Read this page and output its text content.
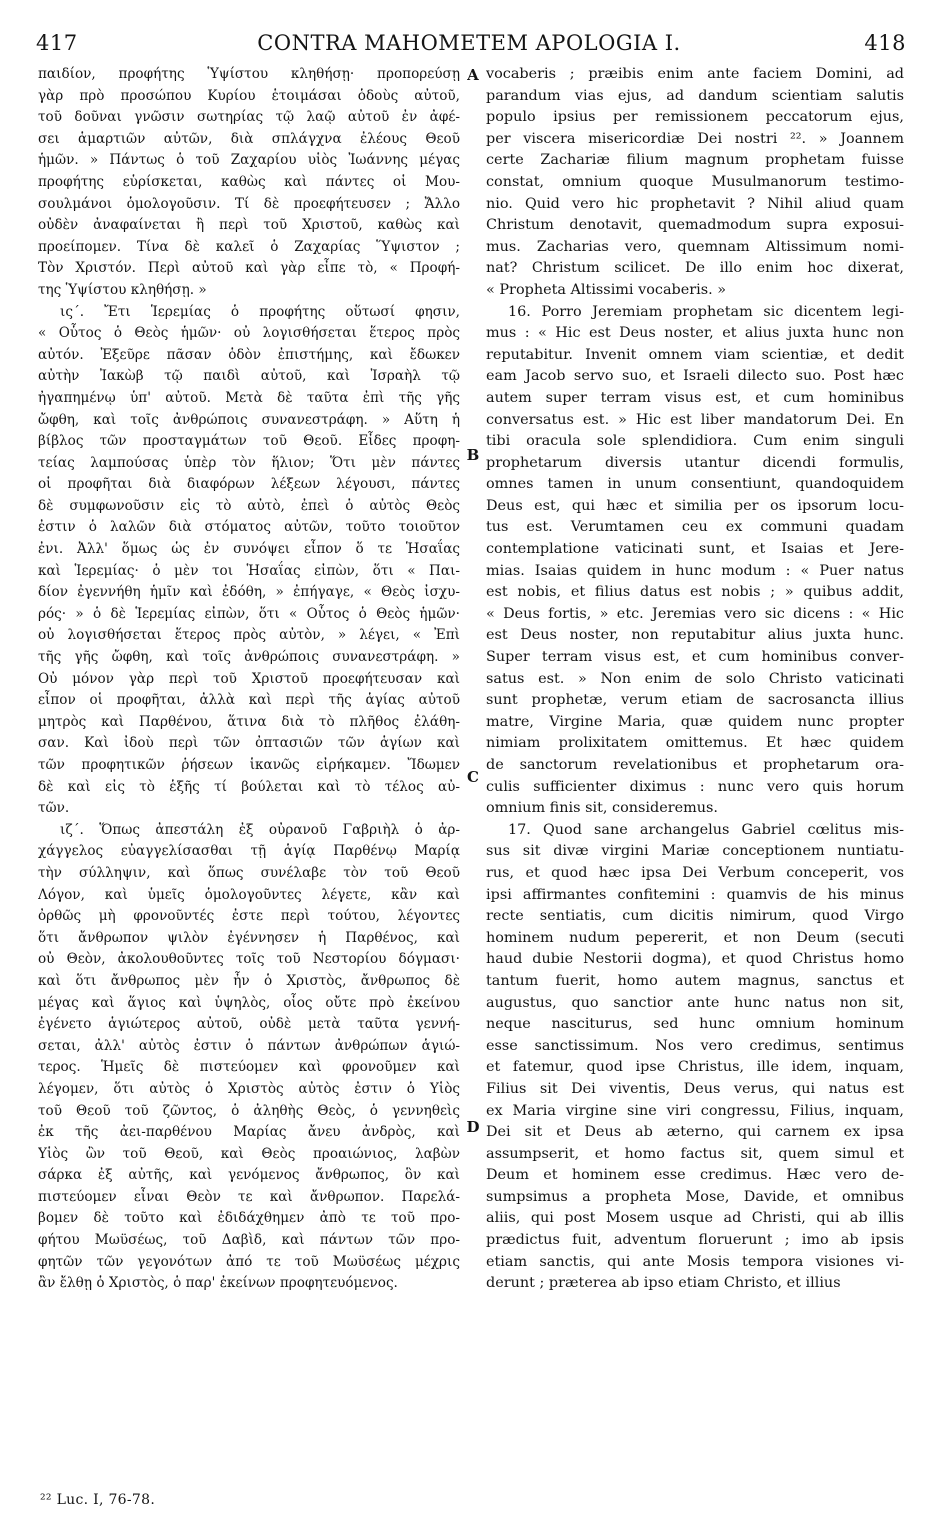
417	CONTRA MAHOMETEM APOLOGIA I.	418
παιδίον, προφήτης Ὑψίστου κληθήσῃ· προπορεύσῃ
γὰρ πρὸ προσώπου Κυρίου ἑτοιμάσαι ὁδοὺς αὐτοῦ,
τοῦ δοῦναι γνῶσιν σωτηρίας τῷ λαῷ αὐτοῦ ἐν ἀφέ-
σει ἁμαρτιῶν αὐτῶν, διὰ σπλάγχνα ἐλέους Θεοῦ
ἡμῶν. » Πάντως ὁ τοῦ Ζαχαρίου υἱὸς Ἰωάννης μέγας
προφήτης εὑρίσκεται, καθὼς καὶ πάντες οἱ Μου-
σουλμάνοι ὁμολογοῦσιν. Τί δὲ προεφήτευσεν ; Ἄλλο
οὐδὲν ἀναφαίνεται ἢ περὶ τοῦ Χριστοῦ, καθὼς καὶ
προείπομεν. Τίνα δὲ καλεῖ ὁ Ζαχαρίας Ὕψιστον ;
Τὸν Χριστόν. Περὶ αὐτοῦ καὶ γὰρ εἶπε τὸ, « Προφή-
της Ὑψίστου κληθήσῃ. »
ις΄. Ἔτι Ἱερεμίας ὁ προφήτης οὕτωσί φησιν,
« Οὗτος ὁ Θεὸς ἡμῶν· οὐ λογισθήσεται ἕτερος πρὸς
αὐτόν. Ἐξεῦρε πᾶσαν ὁδὸν ἐπιστήμης, καὶ ἔδωκεν
αὐτὴν Ἰακὼβ τῷ παιδὶ αὐτοῦ, καὶ Ἰσραὴλ τῷ
ἠγαπημένῳ ὑπ' αὐτοῦ. Μετὰ δὲ ταῦτα ἐπὶ τῆς γῆς
ὤφθη, καὶ τοῖς ἀνθρώποις συνανεστράφη. » Αὕτη ἡ
βίβλος τῶν προσταγμάτων τοῦ Θεοῦ. Εἶδες προφη-
τείας λαμπούσας ὑπὲρ τὸν ἥλιον; Ὅτι μὲν πάντες
οἱ προφῆται διὰ διαφόρων λέξεων λέγουσι, πάντες
δὲ συμφωνοῦσιν εἰς τὸ αὐτὸ, ἐπεὶ ὁ αὐτὸς Θεὸς
ἐστιν ὁ λαλῶν διὰ στόματος αὐτῶν, τοῦτο τοιοῦτον
ἐνι. Ἀλλ' ὅμως ὡς ἐν συνόψει εἶπον ὅ τε Ἡσαΐας
καὶ Ἱερεμίας· ὁ μὲν τοι Ἡσαΐας εἰπὼν, ὅτι « Παι-
δίον ἐγεννήθη ἡμῖν καὶ ἐδόθη, » ἐπήγαγε, « Θεὸς ἰσχυ-
ρός· » ὁ δὲ Ἱερεμίας εἰπὼν, ὅτι « Οὗτος ὁ Θεὸς ἡμῶν·
οὐ λογισθήσεται ἕτερος πρὸς αὐτὸν, » λέγει, « Ἐπὶ
τῆς γῆς ὤφθη, καὶ τοῖς ἀνθρώποις συνανεστράφη. »
Οὐ μόνον γὰρ περὶ τοῦ Χριστοῦ προεφήτευσαν καὶ
εἶπον οἱ προφῆται, ἀλλὰ καὶ περὶ τῆς ἁγίας αὐτοῦ
μητρὸς καὶ Παρθένου, ἅτινα διὰ τὸ πλῆθος ἐλάθη-
σαν. Καὶ ἰδοὺ περὶ τῶν ὀπτασιῶν τῶν ἁγίων καὶ
τῶν προφητικῶν ῥήσεων ἱκανῶς εἰρήκαμεν. Ἴδωμεν
δὲ καὶ εἰς τὸ ἑξῆς τί βούλεται καὶ τὸ τέλος αὐ-
τῶν.
ιζ΄. Ὅπως ἀπεστάλη ἐξ οὐρανοῦ Γαβριὴλ ὁ ἀρ-
χάγγελος εὐαγγελίσασθαι τῇ ἁγίᾳ Παρθένῳ Μαρίᾳ
τὴν σύλληψιν, καὶ ὅπως συνέλαβε τὸν τοῦ Θεοῦ
Λόγον, καὶ ὑμεῖς ὁμολογοῦντες λέγετε, κἂν καὶ
ὀρθῶς μὴ φρονοῦντές ἐστε περὶ τούτου, λέγοντες
ὅτι ἄνθρωπον ψιλὸν ἐγέννησεν ἡ Παρθένος, καὶ
οὐ Θεὸν, ἀκολουθοῦντες τοῖς τοῦ Νεστορίου δόγμασι·
καὶ ὅτι ἄνθρωπος μὲν ἦν ὁ Χριστὸς, ἄνθρωπος δὲ
μέγας καὶ ἅγιος καὶ ὑψηλὸς, οἷος οὔτε πρὸ ἐκείνου
ἐγένετο ἁγιώτερος αὐτοῦ, οὐδὲ μετὰ ταῦτα γεννή-
σεται, ἀλλ' αὐτὸς ἐστιν ὁ πάντων ἀνθρώπων ἁγιώ-
τερος. Ἡμεῖς δὲ πιστεύομεν καὶ φρονοῦμεν καὶ
λέγομεν, ὅτι αὐτὸς ὁ Χριστὸς αὐτὸς ἐστιν ὁ Υἱὸς
τοῦ Θεοῦ τοῦ ζῶντος, ὁ ἀληθὴς Θεὸς, ὁ γεννηθεὶς
ἐκ τῆς ἀει-παρθένου Μαρίας ἄνευ ἀνδρὸς, καὶ
Υἱὸς ὢν τοῦ Θεοῦ, καὶ Θεὸς προαιώνιος, λαβὼν
σάρκα ἐξ αὐτῆς, καὶ γενόμενος ἄνθρωπος, ὃν καὶ
πιστεύομεν εἶναι Θεὸν τε καὶ ἄνθρωπον. Παρελά-
βομεν δὲ τοῦτο καὶ ἐδιδάχθημεν ἀπὸ τε τοῦ προ-
φήτου Μωϋσέως, τοῦ Δαβὶδ, καὶ πάντων τῶν προ-
φητῶν τῶν γεγονότων ἀπό τε τοῦ Μωϋσέως μέχρις
ἂν ἔλθῃ ὁ Χριστὸς, ὁ παρ' ἐκείνων προφητευόμενος.
A
B
C
D
vocaberis ; præibis enim ante faciem Domini, ad
parandum vias ejus, ad dandum scientiam salutis
populo ipsius per remissionem peccatorum ejus,
per viscera misericordiæ Dei nostri ²². » Joannem
certe Zachariæ filium magnum prophetam fuisse
constat, omnium quoque Musulmanorum testimo-
nio. Quid vero hic prophetavit ? Nihil aliud quam
Christum denotavit, quemadmodum supra exposui-
mus. Zacharias vero, quemnam Altissimum nomi-
nat? Christum scilicet. De illo enim hoc dixerat,
« Propheta Altissimi vocaberis. »
16. Porro Jeremiam prophetam sic dicentem legi-
mus : « Hic est Deus noster, et alius juxta hunc non
reputabitur. Invenit omnem viam scientiæ, et dedit
eam Jacob servo suo, et Israeli dilecto suo. Post hæc
autem super terram visus est, et cum hominibus
conversatus est. » Hic est liber mandatorum Dei. En
tibi oracula sole splendidiora. Cum enim singuli
prophetarum diversis utantur dicendi formulis,
omnes tamen in unum consentiunt, quandoquidem
Deus est, qui hæc et similia per os ipsorum locu-
tus est. Verumtamen ceu ex communi quadam
contemplatione vaticinati sunt, et Isaias et Jere-
mias. Isaias quidem in hunc modum : « Puer natus
est nobis, et filius datus est nobis ; » quibus addit,
« Deus fortis, » etc. Jeremias vero sic dicens : « Hic
est Deus noster, non reputabitur alius juxta hunc.
Super terram visus est, et cum hominibus conver-
satus est. » Non enim de solo Christo vaticinati
sunt prophetæ, verum etiam de sacrosancta illius
matre, Virgine Maria, quæ quidem nunc propter
nimiam prolixitatem omittemus. Et hæc quidem
de sanctorum revelationibus et prophetarum ora-
culis sufficienter diximus : nunc vero quis horum
omnium finis sit, consideremus.
17. Quod sane archangelus Gabriel cœlitus mis-
sus sit divæ virgini Mariæ conceptionem nuntiatu-
rus, et quod hæc ipsa Dei Verbum conceperit, vos
ipsi affirmantes confitemini : quamvis de his minus
recte sentiatis, cum dicitis nimirum, quod Virgo
hominem nudum pepererit, et non Deum (secuti
haud dubie Nestorii dogma), et quod Christus homo
tantum fuerit, homo autem magnus, sanctus et
augustus, quo sanctior ante hunc natus non sit,
neque nasciturus, sed hunc omnium hominum
esse sanctissimum. Nos vero credimus, sentimus
et fatemur, quod ipse Christus, ille idem, inquam,
Filius sit Dei viventis, Deus verus, qui natus est
ex Maria virgine sine viri congressu, Filius, inquam,
Dei sit et Deus ab æterno, qui carnem ex ipsa
assumpserit, et homo factus sit, quem simul et
Deum et hominem esse credimus. Hæc vero de-
sumpsimus a propheta Mose, Davide, et omnibus
aliis, qui post Mosem usque ad Christi, qui ab illis
prædictus fuit, adventum floruerunt ; imo ab ipsis
etiam sanctis, qui ante Mosis tempora visiones vi-
derunt ; præterea ab ipso etiam Christo, et illius
²² Luc. I, 76-78.
